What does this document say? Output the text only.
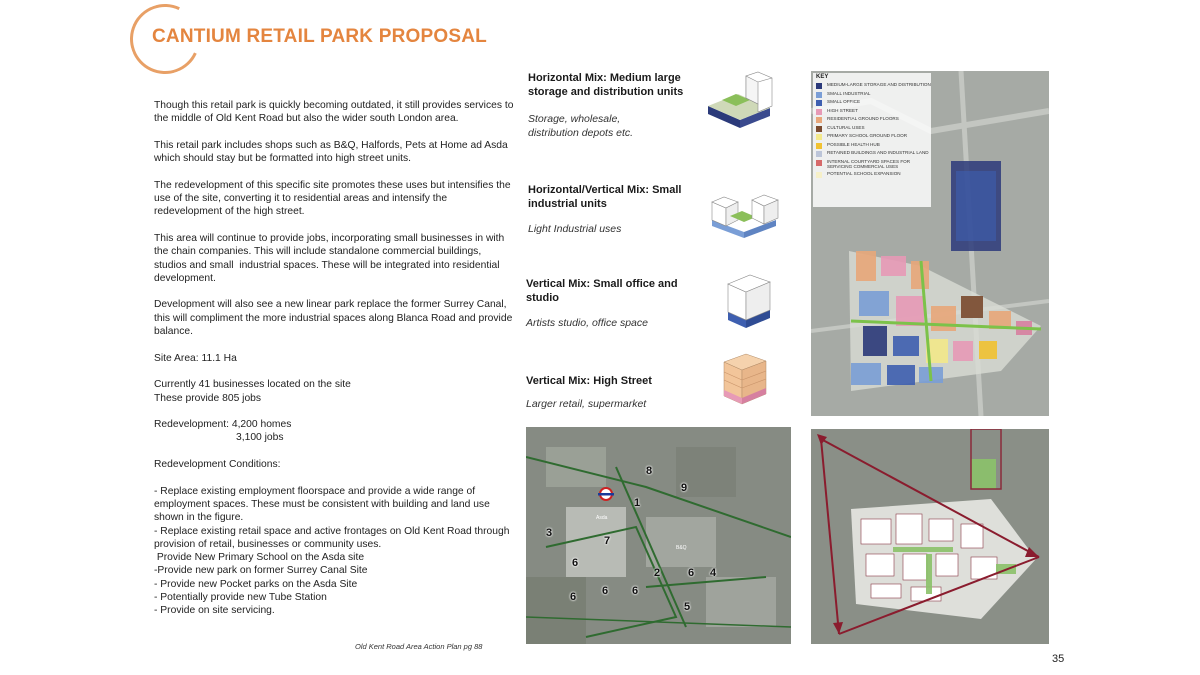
CANTIUM RETAIL PARK PROPOSAL

Though this retail park is quickly becoming outdated, it still provides services to the middle of Old Kent Road but also the wider south London area.

This retail park includes shops such as B&Q, Halfords, Pets at Home ad Asda  which should stay but be formatted into high street units.

The redevelopment of this specific site promotes these uses but intensifies the use of the site, converting it to residential areas and intensify the redevelopment of the high street.

This area will continue to provide jobs, incorporating small businesses in with the chain companies. This will include standalone commercial buildings, studios and small  industrial spaces. These will be integrated into residential development.

Development will also see a new linear park replace the former Surrey Canal, this will compliment the more industrial spaces along Blanca Road and provide balance.

Site Area: 11.1 Ha

Currently 41 businesses located on the site

These provide 805 jobs

Redevelopment: 4,200 homes

3,100 jobs

Redevelopment Conditions:

- Replace existing employment floorspace and provide a wide range of employment spaces. These must be consistent with building and land use shown in the figure.

- Replace existing retail space and active frontages on Old Kent Road through provision of retail, businesses or community uses.

Provide New Primary School on the Asda site

-Provide new park on former Surrey Canal Site

- Provide new Pocket parks on the Asda Site

- Potentially provide new Tube Station

- Provide on site servicing.

Old Kent Road Area Action Plan pg 88
Horizontal Mix: Medium large storage and distribution units
Storage, wholesale, distribution depots etc.
Horizontal/Vertical Mix: Small industrial units
Light Industrial uses
Vertical Mix: Small office and studio
Artists studio, office space
Vertical Mix: High Street
Larger retail, supermarket
KEY
MEDIUM-LARGE STORAGE AND DISTRIBUTION
SMALL INDUSTRIAL
SMALL OFFICE
HIGH STREET
RESIDENTIAL GROUND FLOORS
CULTURAL USES
PRIMARY SCHOOL GROUND FLOOR
POSSIBLE HEALTH HUB
RETAINED BUILDINGS AND INDUSTRIAL LAND
INTERNAL COURTYARD SPACES FOR SERVICING COMMERCIAL USES
POTENTIAL SCHOOL EXPANSION
8
9
1
3
7
6
2	6 4
6 6
6
5
Asda
B&Q
35
